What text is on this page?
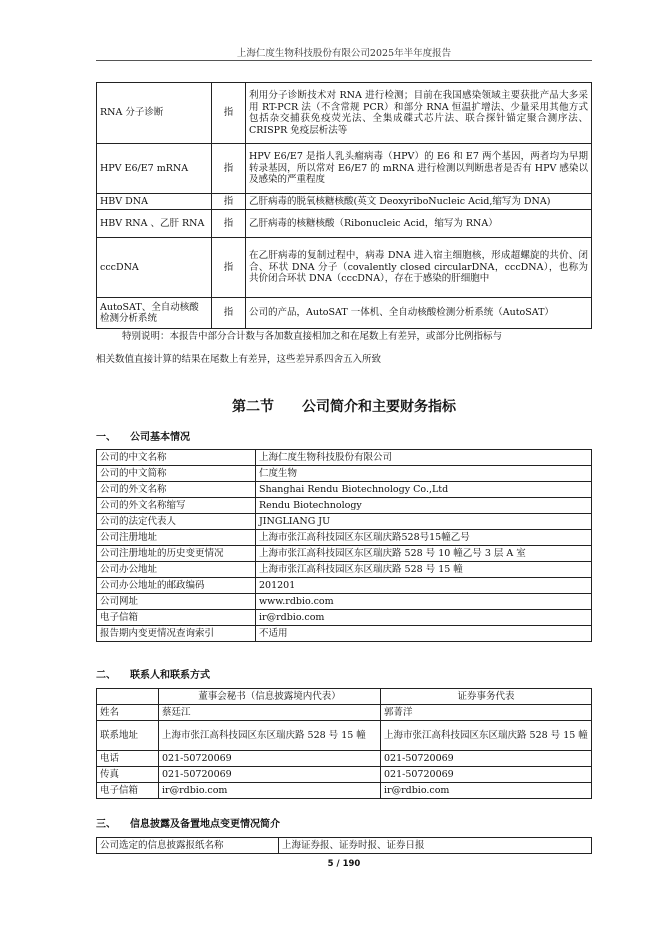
上海仁度生物科技股份有限公司2025年半年度报告
RNA 分子诊断	指	利用分子诊断技术对 RNA 进行检测；目前在我国感染领域主要获批产品大多采用 RT-PCR 法（不含常规 PCR）和部分 RNA 恒温扩增法、少量采用其他方式包括杂交捕获免疫荧光法、全集成碟式芯片法、联合探针锚定聚合测序法、CRISPR 免疫层析法等
HPV E6/E7 mRNA	指	HPV E6/E7 是指人乳头瘤病毒（HPV）的 E6 和 E7 两个基因，两者均为早期转录基因，所以常对 E6/E7 的 mRNA 进行检测以判断患者是否有 HPV 感染以及感染的严重程度
HBV DNA	指	乙肝病毒的脱氧核糖核酸(英文 DeoxyriboNucleic Acid,缩写为 DNA)
HBV RNA 、乙肝 RNA	指	乙肝病毒的核糖核酸（Ribonucleic Acid，缩写为 RNA）
cccDNA	指	在乙肝病毒的复制过程中，病毒 DNA 进入宿主细胞核，形成超螺旋的共价、闭合、环状 DNA 分子（covalently closed circularDNA，cccDNA），也称为共价闭合环状 DNA（cccDNA），存在于感染的肝细胞中
AutoSAT、全自动核酸检测分析系统	指	公司的产品，AutoSAT 一体机、全自动核酸检测分析系统（AutoSAT）
特别说明：本报告中部分合计数与各加数直接相加之和在尾数上有差异，或部分比例指标与
相关数值直接计算的结果在尾数上有差异，这些差异系四舍五入所致
第二节　　公司简介和主要财务指标
一、 公司基本情况
公司的中文名称	上海仁度生物科技股份有限公司
公司的中文简称	仁度生物
公司的外文名称	Shanghai Rendu Biotechnology Co.,Ltd
公司的外文名称缩写	Rendu Biotechnology
公司的法定代表人	JINGLIANG JU
公司注册地址	上海市张江高科技园区东区瑞庆路528号15幢乙号
公司注册地址的历史变更情况	上海市张江高科技园区东区瑞庆路 528 号 10 幢乙号 3 层 A 室
公司办公地址	上海市张江高科技园区东区瑞庆路 528 号 15 幢
公司办公地址的邮政编码	201201
公司网址	www.rdbio.com
电子信箱	ir@rdbio.com
报告期内变更情况查询索引	不适用
二、 联系人和联系方式
	董事会秘书（信息披露境内代表）	证券事务代表
姓名	蔡廷江	郭菁洋
联系地址	上海市张江高科技园区东区瑞庆路 528 号 15 幢	上海市张江高科技园区东区瑞庆路 528 号 15 幢
电话	021-50720069	021-50720069
传真	021-50720069	021-50720069
电子信箱	ir@rdbio.com	ir@rdbio.com
三、 信息披露及备置地点变更情况简介
公司选定的信息披露报纸名称	上海证券报、证券时报、证券日报
5 / 190
